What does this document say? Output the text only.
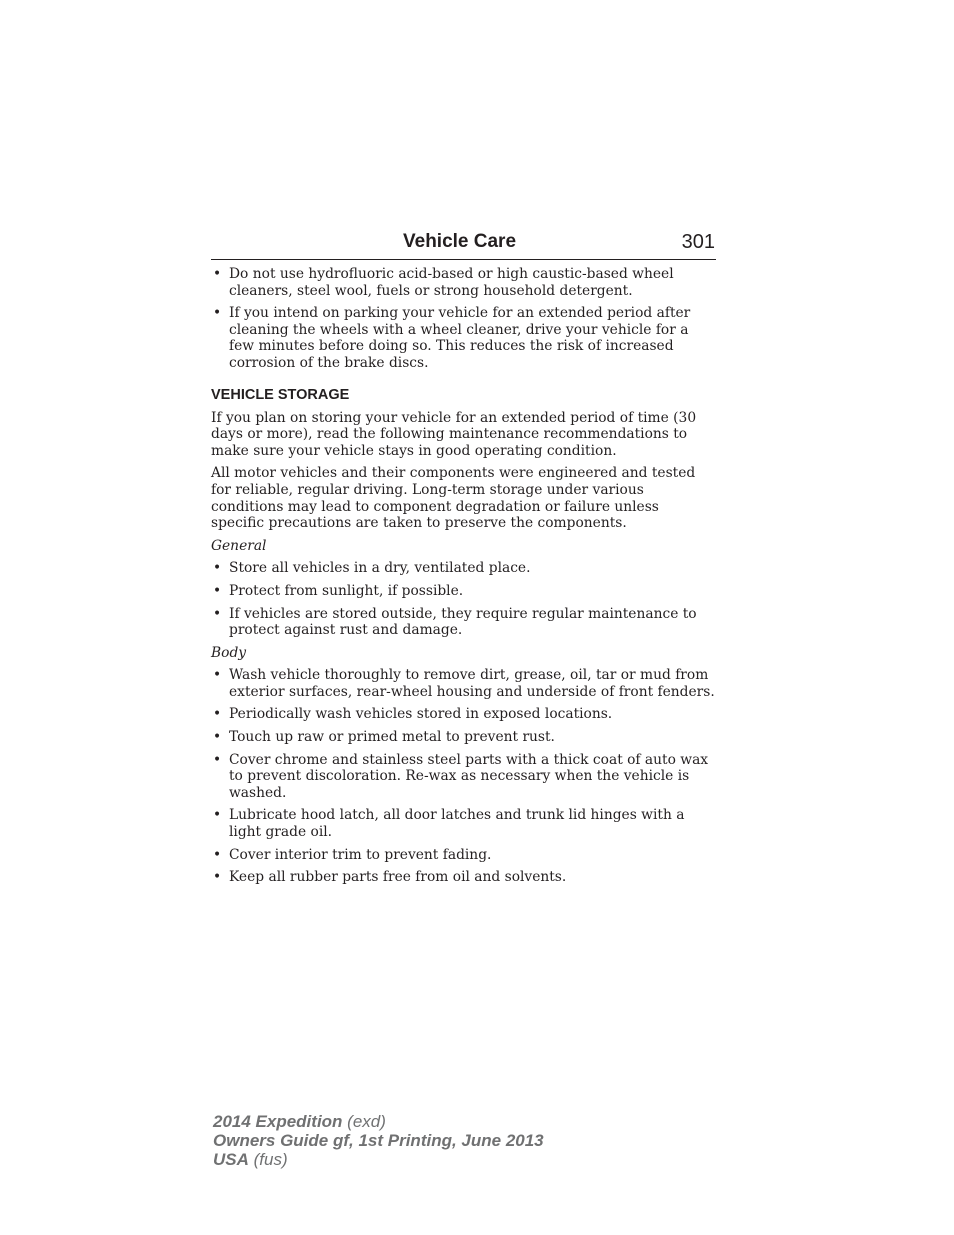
Vehicle Care	301
• Do not use hydrofluoric acid-based or high caustic-based wheel cleaners, steel wool, fuels or strong household detergent.
• If you intend on parking your vehicle for an extended period after cleaning the wheels with a wheel cleaner, drive your vehicle for a few minutes before doing so. This reduces the risk of increased corrosion of the brake discs.
VEHICLE STORAGE

If you plan on storing your vehicle for an extended period of time (30 days or more), read the following maintenance recommendations to make sure your vehicle stays in good operating condition.

All motor vehicles and their components were engineered and tested for reliable, regular driving. Long-term storage under various conditions may lead to component degradation or failure unless specific precautions are taken to preserve the components.

General
• Store all vehicles in a dry, ventilated place.
• Protect from sunlight, if possible.
• If vehicles are stored outside, they require regular maintenance to protect against rust and damage.
Body
• Wash vehicle thoroughly to remove dirt, grease, oil, tar or mud from exterior surfaces, rear-wheel housing and underside of front fenders.
• Periodically wash vehicles stored in exposed locations.
• Touch up raw or primed metal to prevent rust.
• Cover chrome and stainless steel parts with a thick coat of auto wax to prevent discoloration. Re-wax as necessary when the vehicle is washed.
• Lubricate hood latch, all door latches and trunk lid hinges with a light grade oil.
• Cover interior trim to prevent fading.
• Keep all rubber parts free from oil and solvents.
2014 Expedition (exd)
Owners Guide gf, 1st Printing, June 2013
USA (fus)
